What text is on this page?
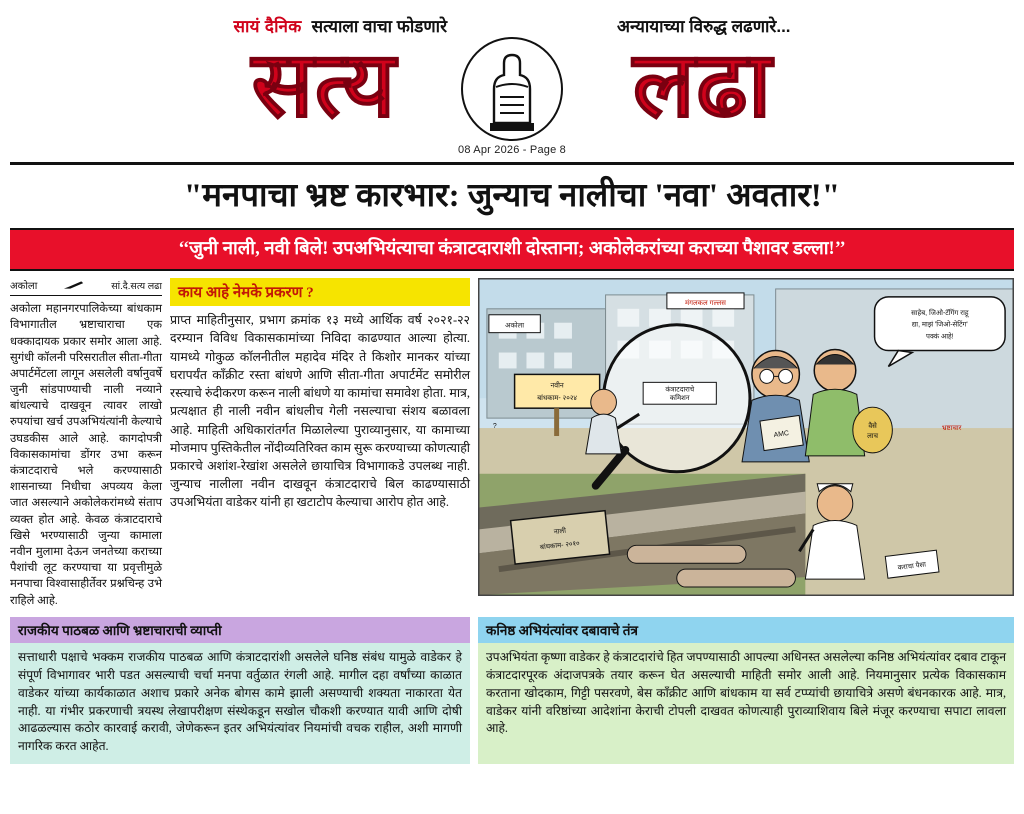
सायं दैनिक सत्याला वाचा फोडणारे	अन्यायाच्या विरुद्ध लढणारे...
सत्य	लढा
08 Apr 2026 - Page 8
"मनपाचा भ्रष्ट कारभार: जुन्याच नालीचा 'नवा' अवतार!"
‘‘जुनी नाली, नवी बिले! उपअभियंत्याचा कंत्राटदाराशी दोस्ताना; अकोलेकरांच्या कराच्या पैशावर डल्ला!’’
अकोला	सां.दै.सत्य लढा
अकोला महानगरपालिकेच्या बांधकाम विभागातील भ्रष्टाचाराचा एक धक्कादायक प्रकार समोर आला आहे. सुगंधी कॉलनी परिसरातील सीता-गीता अपार्टमेंटला लागून असलेली वर्षानुवर्षे जुनी सांडपाण्याची नाली नव्याने बांधल्याचे दाखवून त्यावर लाखो रुपयांचा खर्च उपअभियंत्यांनी केल्याचे उघडकीस आले आहे. कागदोपत्री विकासकामांचा डोंगर उभा करून कंत्राटदाराचे भले करण्यासाठी शासनाच्या निधीचा अपव्यय केला जात असल्याने अकोलेकरांमध्ये संताप व्यक्त होत आहे. केवळ कंत्राटदाराचे खिसे भरण्यासाठी जुन्या कामाला नवीन मुलामा देऊन जनतेच्या कराच्या पैशांची लूट करण्याचा या प्रवृत्तीमुळे मनपाचा विश्वासाहीर्तेवर प्रश्नचिन्ह उभे राहिले आहे.
काय आहे नेमके प्रकरण ?
प्राप्त माहितीनुसार, प्रभाग क्रमांक १३ मध्ये आर्थिक वर्ष २०२१-२२ दरम्यान विविध विकासकामांच्या निविदा काढण्यात आल्या होत्या. यामध्ये गोकुळ कॉलनीतील महादेव मंदिर ते किशोर मानकर यांच्या घरापर्यंत काँक्रीट रस्ता बांधणे आणि सीता-गीता अपार्टमेंट समोरील रस्त्याचे रुंदीकरण करून नाली बांधणे या कामांचा समावेश होता. मात्र, प्रत्यक्षात ही नाली नवीन बांधलीच गेली नसल्याचा संशय बळावला आहे. माहिती अधिकारांतर्गत मिळालेल्या पुराव्यानुसार, या कामाच्या मोजमाप पुस्तिकेतील नोंदीव्यतिरिक्त काम सुरू करण्याच्या कोणत्याही प्रकारचे अशांश-रेखांश असलेले छायाचित्र विभागाकडे उपलब्ध नाही. जुन्याच नालीला नवीन दाखवून कंत्राटदाराचे बिल काढण्यासाठी उपअभियंता वाडेकर यांनी हा खटाटोप केल्याचा आरोप होत आहे.
अकोला
नवीन
बांधकाम- २०२४
नाली
बांधकाम- २०१०
?
मंगलकल गल्लस
कंत्राटदाराचे
कमिशन
AMC
वैसे
लाच
भ्रष्टाचार
साहेब, जिओ-टॅगिंग राहू
द्या, माझं 'जिओ-सेटिंग'
पक्कं आहे!
कराचा पैसा
राजकीय पाठबळ आणि भ्रष्टाचाराची व्याप्ती
सत्ताधारी पक्षाचे भक्कम राजकीय पाठबळ आणि कंत्राटदारांशी असलेले घनिष्ठ संबंध यामुळे वाडेकर हे संपूर्ण विभागावर भारी पडत असल्याची चर्चा मनपा वर्तुळात रंगली आहे. मागील दहा वर्षांच्या काळात वाडेकर यांच्या कार्यकाळात अशाच प्रकारे अनेक बोगस कामे झाली असण्याची शक्यता नाकारता येत नाही. या गंभीर प्रकरणाची त्रयस्थ लेखापरीक्षण संस्थेकडून सखोल चौकशी करण्यात यावी आणि दोषी आढळल्यास कठोर कारवाई करावी, जेणेकरून इतर अभियंत्यांवर नियमांची वचक राहील, अशी मागणी नागरिक करत आहेत.
कनिष्ठ अभियंत्यांवर दबावाचे तंत्र
उपअभियंता कृष्णा वाडेकर हे कंत्राटदारांचे हित जपण्यासाठी आपल्या अधिनस्त असलेल्या कनिष्ठ अभियंत्यांवर दबाव टाकून कंत्राटदारपूरक अंदाजपत्रके तयार करून घेत असल्याची माहिती समोर आली आहे. नियमानुसार प्रत्येक विकासकाम करताना खोदकाम, गिट्टी पसरवणे, बेस काँक्रीट आणि बांधकाम या सर्व टप्प्यांची छायाचित्रे असणे बंधनकारक आहे. मात्र, वाडेकर यांनी वरिष्ठांच्या आदेशांना केराची टोपली दाखवत कोणत्याही पुराव्याशिवाय बिले मंजूर करण्याचा सपाटा लावला आहे.
